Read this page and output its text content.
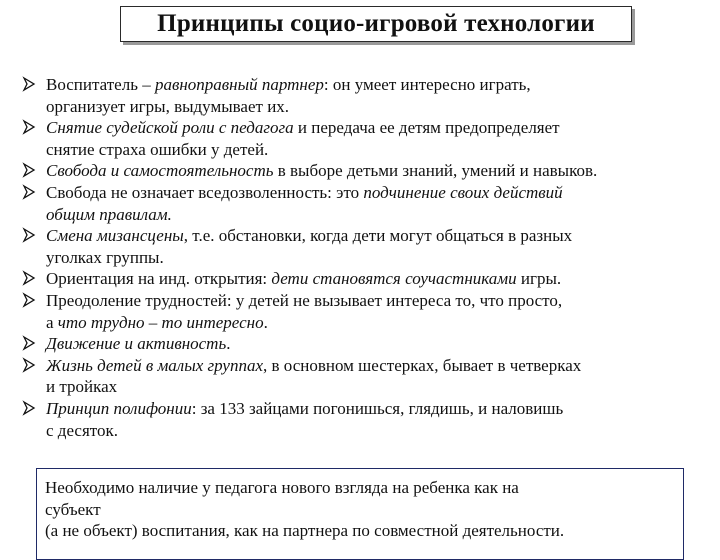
Принципы социо-игровой технологии
Воспитатель – равноправный партнер: он умеет интересно играть,
организует игры, выдумывает их.
Снятие судейской роли с педагога и передача ее детям предопределяет
снятие страха ошибки у детей.
Свобода и самостоятельность в выборе детьми знаний, умений и навыков.
Свобода не означает вседозволенность: это подчинение своих действий
общим правилам.
Смена мизансцены, т.е. обстановки, когда дети могут общаться в разных
уголках группы.
Ориентация на инд. открытия: дети становятся соучастниками игры.
Преодоление трудностей: у детей не вызывает интереса то, что просто,
а что трудно – то интересно.
Движение и активность.
Жизнь детей в малых группах, в основном шестерках, бывает в четверках
и тройках
Принцип полифонии: за 133 зайцами погонишься, глядишь, и наловишь
с десяток.
Необходимо наличие у педагога нового взгляда на ребенка как на
субъект
(а не объект) воспитания, как на партнера по совместной деятельности.
